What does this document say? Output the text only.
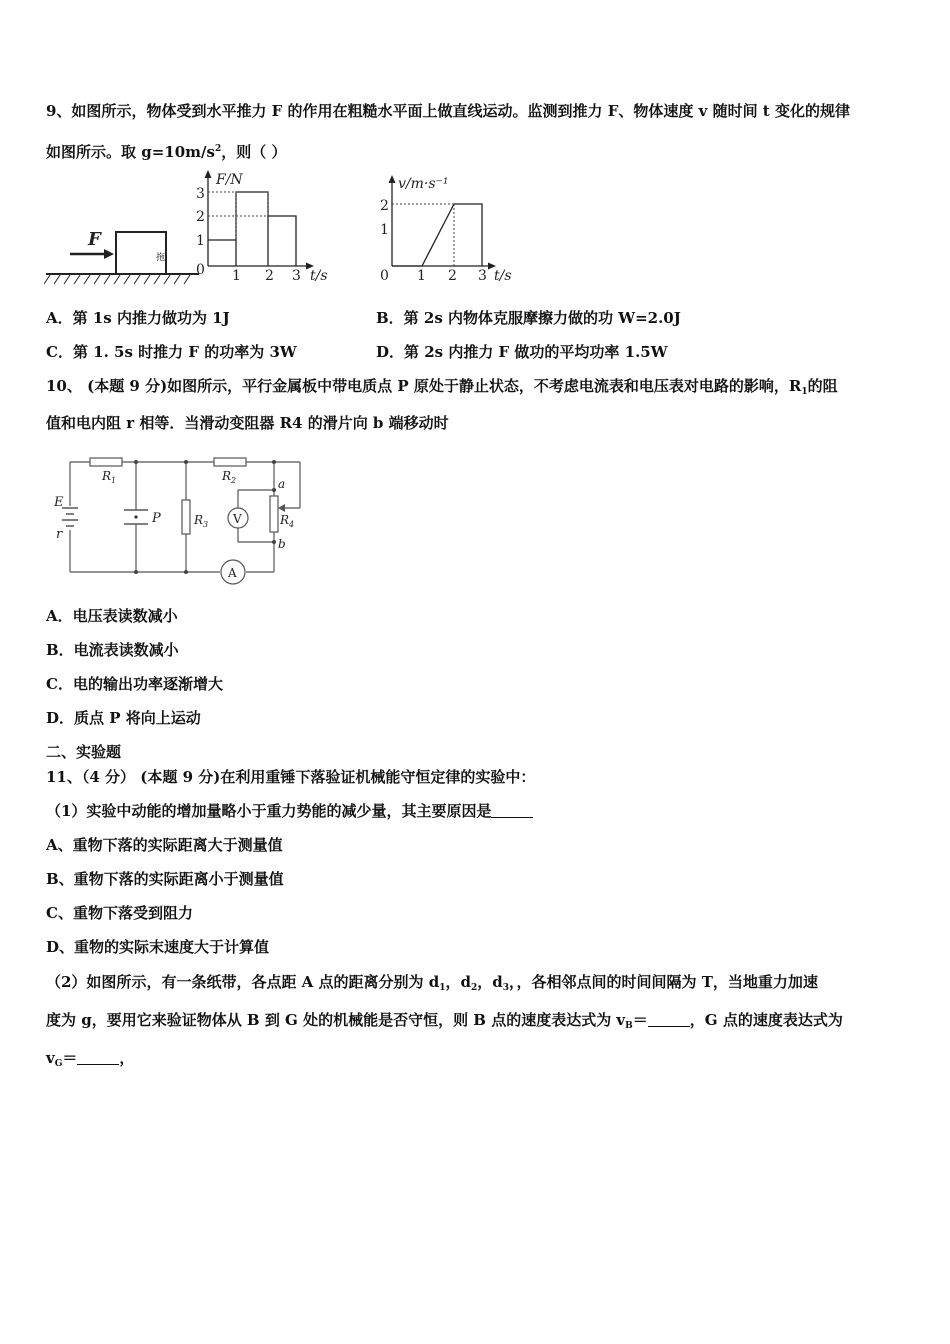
9、如图所示，物体受到水平推力 F 的作用在粗糙水平面上做直线运动。监测到推力 F、物体速度 v 随时间 t 变化的规律
如图所示。取 $g=10m/s^2$，则（ ）
F
拖
F/N
3
2
1
0 1 2 3 t/s
v/m·s⁻¹
2
1
0 1 2 3 t/s
A．第 1s 内推力做功为 1J	B．第 2s 内物体克服摩擦力做的功 W=2.0J
C．第 1. 5s 时推力 F 的功率为 3W	D．第 2s 内推力 F 做功的平均功率 1.5W
10、 (本题 9 分)如图所示，平行金属板中带电质点 P 原处于静止状态，不考虑电流表和电压表对电路的影响，$R_1$的阻
值和电内阻 r 相等．当滑动变阻器 R4 的滑片向 b 端移动时
V
A
E
r
P
$R_1$	$R_2$
$R_3$	$R_4$
a
b
A．电压表读数减小
B．电流表读数减小
C．电的输出功率逐渐增大
D．质点 P 将向上运动
二、实验题
11、（4 分） (本题 9 分)在利用重锤下落验证机械能守恒定律的实验中：
（1）实验中动能的增加量略小于重力势能的减少量，其主要原因是
A、重物下落的实际距离大于测量值
B、重物下落的实际距离小于测量值
C、重物下落受到阻力
D、重物的实际末速度大于计算值
（2）如图所示，有一条纸带，各点距 A 点的距离分别为 $d_1$，$d_2$，$d_3$，，各相邻点间的时间间隔为 T，当地重力加速
度为 g，要用它来验证物体从 B 到 G 处的机械能是否守恒，则 B 点的速度表达式为 $v_B=$	，G 点的速度表达式为
$v_G=$	，
